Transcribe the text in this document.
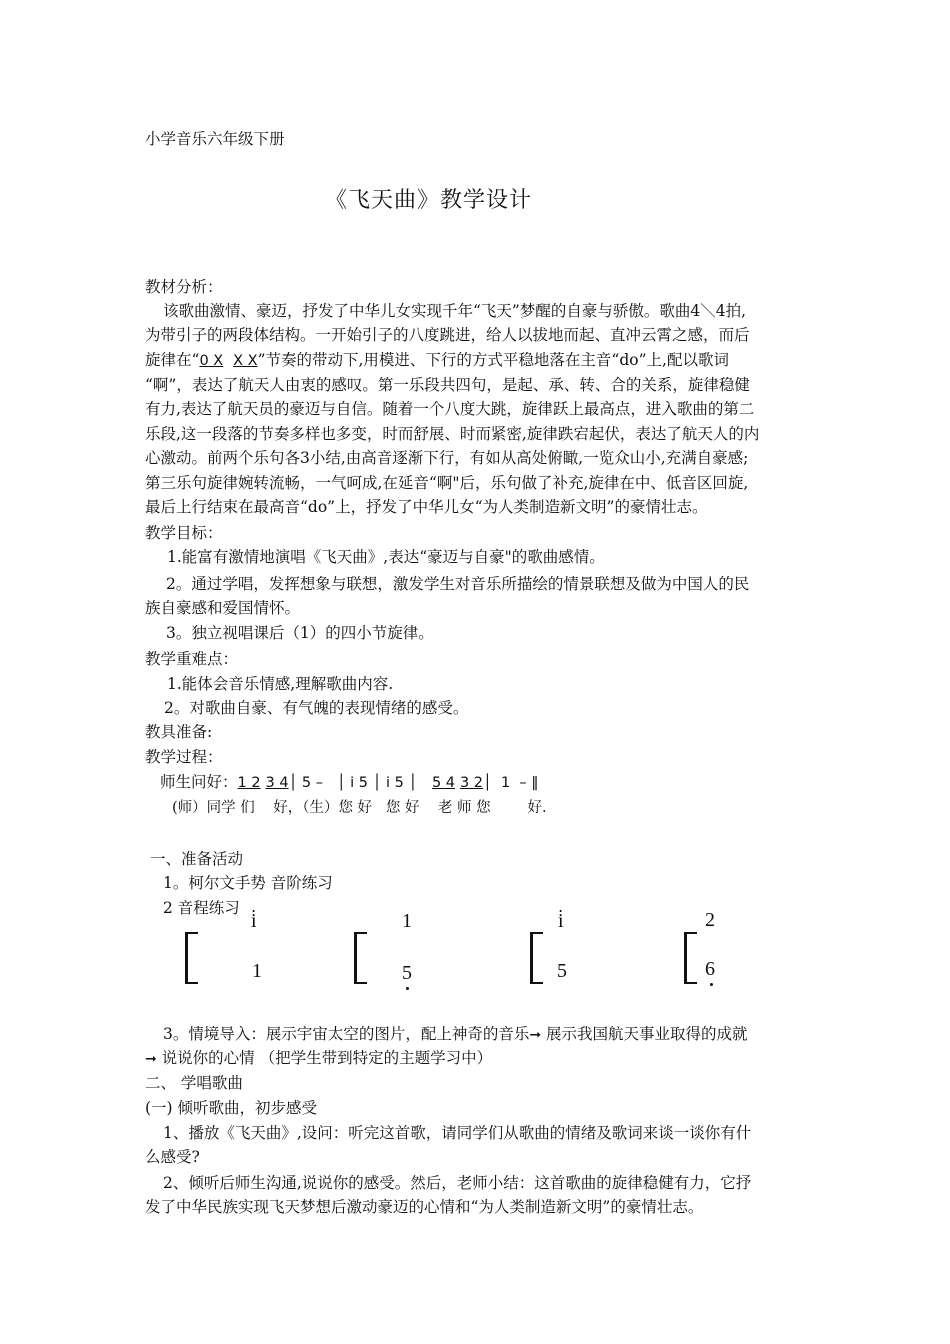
小学音乐六年级下册
《飞天曲》教学设计
教材分析：
该歌曲激情、豪迈，抒发了中华儿女实现千年“飞天”梦醒的自豪与骄傲。歌曲4＼4拍,
为带引子的两段体结构。一开始引子的八度跳进，给人以拔地而起、直冲云霄之感，而后
旋律在“0 X X X”节奏的带动下,用模进、下行的方式平稳地落在主音“do”上,配以歌词
“啊”，表达了航天人由衷的感叹。第一乐段共四句，是起、承、转、合的关系，旋律稳健
有力,表达了航天员的豪迈与自信。随着一个八度大跳，旋律跃上最高点，进入歌曲的第二
乐段,这一段落的节奏多样也多变，时而舒展、时而紧密,旋律跌宕起伏，表达了航天人的内
心激动。前两个乐句各3小结,由高音逐渐下行，有如从高处俯瞰,一览众山小,充满自豪感;
第三乐句旋律婉转流畅，一气呵成,在延音“啊"后，乐句做了补充,旋律在中、低音区回旋,
最后上行结束在最高音“do”上，抒发了中华儿女“为人类制造新文明”的豪情壮志。
教学目标：
1.能富有激情地演唱《飞天曲》,表达“豪迈与自豪"的歌曲感情。
2。通过学唱，发挥想象与联想，激发学生对音乐所描绘的情景联想及做为中国人的民
族自豪感和爱国情怀。
3。独立视唱课后（1）的四小节旋律。
教学重难点：
1.能体会音乐情感,理解歌曲内容.
2。对歌曲自豪、有气魄的表现情绪的感受。
教具准备:
教学过程：
师生问好：1 2 3 4│ 5 –   │ i̇ 5 │ i̇ 5 │ 5 4 3 2│  1  – ‖
(师）同学 们    好，（生）您 好   您 好    老 师 您        好.
一、准备活动
1。柯尔文手势 音阶练习
2 音程练习
i̇
1
1
5
i̇
5
2
6
3。情境导入：展示宇宙太空的图片，配上神奇的音乐➞ 展示我国航天事业取得的成就
➞ 说说你的心情 （把学生带到特定的主题学习中）
二、 学唱歌曲
(一) 倾听歌曲，初步感受
1、播放《飞天曲》,设问：听完这首歌，请同学们从歌曲的情绪及歌词来谈一谈你有什
么感受?
2、倾听后师生沟通,说说你的感受。然后，老师小结：这首歌曲的旋律稳健有力，它抒
发了中华民族实现飞天梦想后激动豪迈的心情和“为人类制造新文明”的豪情壮志。
